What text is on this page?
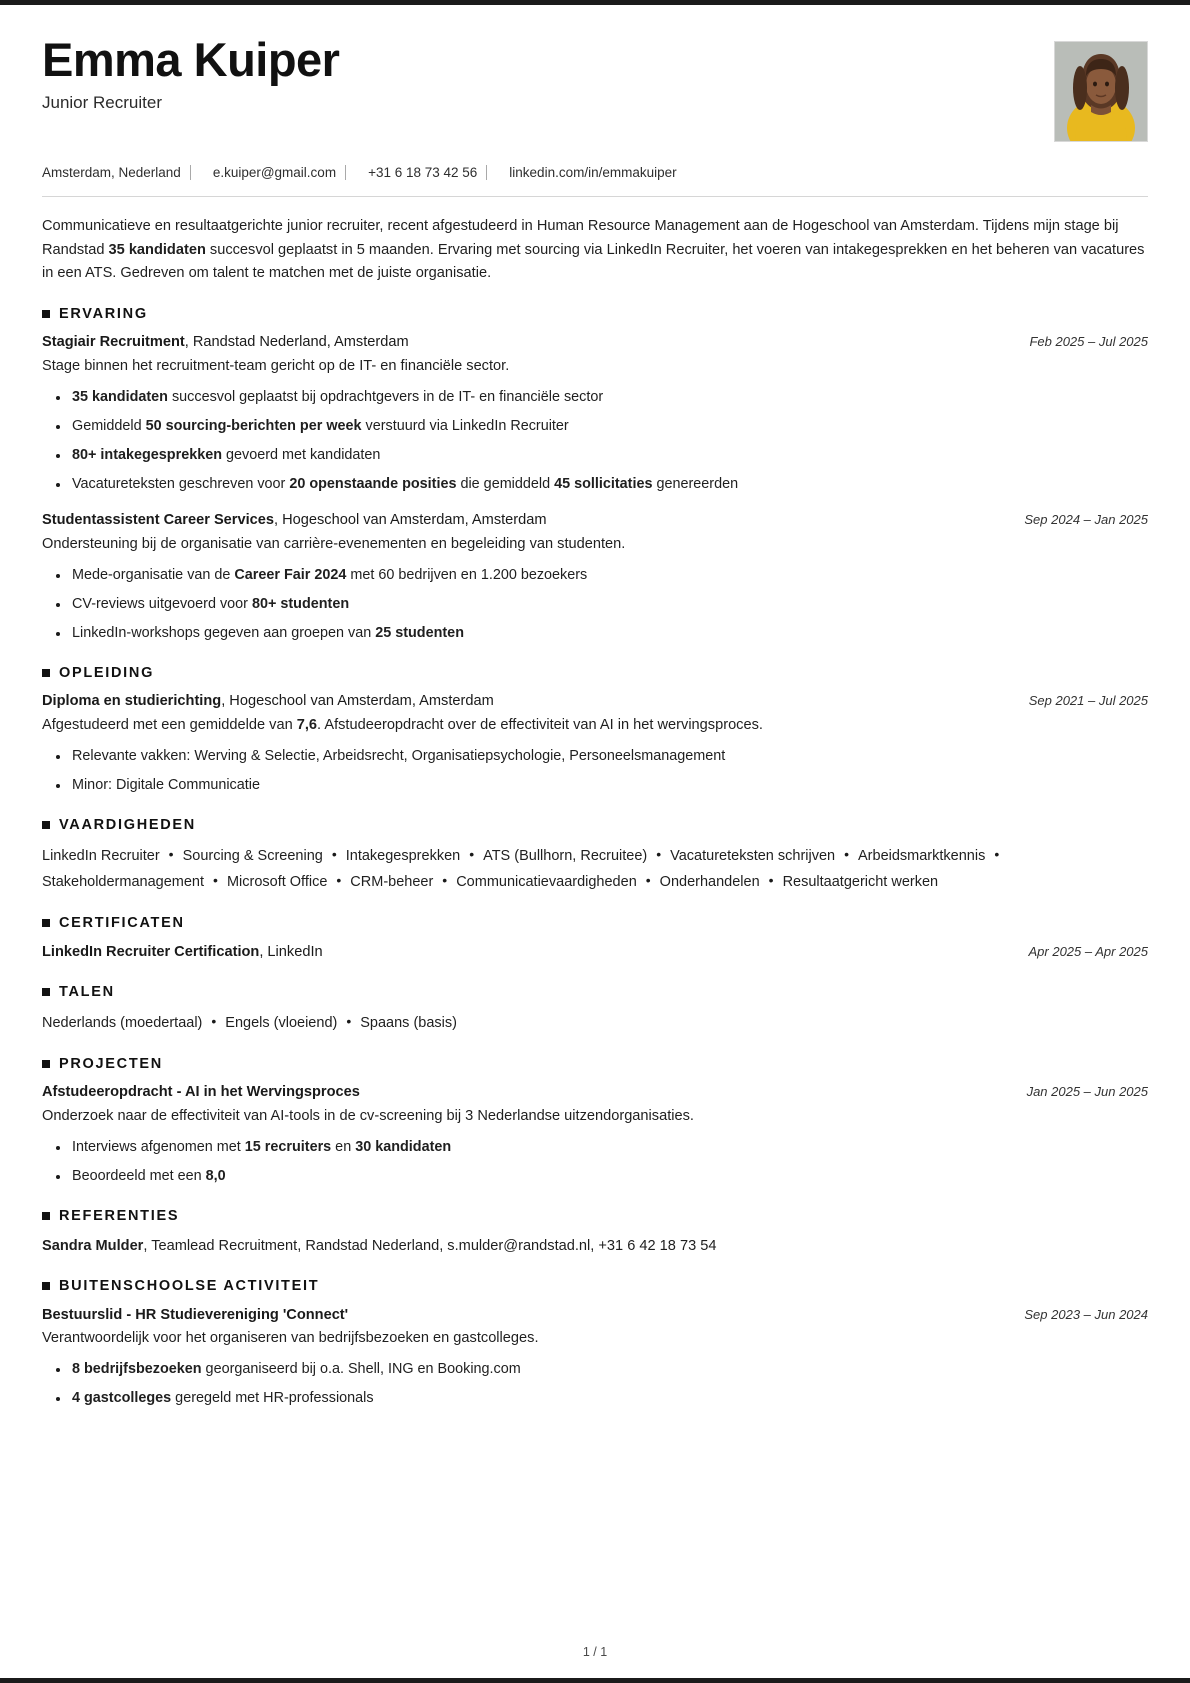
Emma Kuiper
Junior Recruiter
Amsterdam, Nederland e.kuiper@gmail.com +31 6 18 73 42 56 linkedin.com/in/emmakuiper

Communicatieve en resultaatgerichte junior recruiter, recent afgestudeerd in Human Resource Management aan de Hogeschool van Amsterdam. Tijdens mijn stage bij Randstad 35 kandidaten succesvol geplaatst in 5 maanden. Ervaring met sourcing via LinkedIn Recruiter, het voeren van intakegesprekken en het beheren van vacatures in een ATS. Gedreven om talent te matchen met de juiste organisatie.

ERVARING
Stagiair Recruitment, Randstad Nederland, Amsterdam	Feb 2025 – Jul 2025
Stage binnen het recruitment-team gericht op de IT- en financiële sector.
35 kandidaten succesvol geplaatst bij opdrachtgevers in de IT- en financiële sector
Gemiddeld 50 sourcing-berichten per week verstuurd via LinkedIn Recruiter
80+ intakegesprekken gevoerd met kandidaten
Vacatureteksten geschreven voor 20 openstaande posities die gemiddeld 45 sollicitaties genereerden
Studentassistent Career Services, Hogeschool van Amsterdam, Amsterdam	Sep 2024 – Jan 2025
Ondersteuning bij de organisatie van carrière-evenementen en begeleiding van studenten.
Mede-organisatie van de Career Fair 2024 met 60 bedrijven en 1.200 bezoekers
CV-reviews uitgevoerd voor 80+ studenten
LinkedIn-workshops gegeven aan groepen van 25 studenten
OPLEIDING
Diploma en studierichting, Hogeschool van Amsterdam, Amsterdam	Sep 2021 – Jul 2025
Afgestudeerd met een gemiddelde van 7,6. Afstudeeropdracht over de effectiviteit van AI in het wervingsproces.
Relevante vakken: Werving & Selectie, Arbeidsrecht, Organisatiepsychologie, Personeelsmanagement
Minor: Digitale Communicatie
VAARDIGHEDEN
LinkedIn Recruiter • Sourcing & Screening • Intakegesprekken • ATS (Bullhorn, Recruitee) • Vacatureteksten schrijven • Arbeidsmarktkennis •Stakeholdermanagement • Microsoft Office • CRM-beheer • Communicatievaardigheden • Onderhandelen • Resultaatgericht werken
CERTIFICATEN
LinkedIn Recruiter Certification, LinkedIn	Apr 2025 – Apr 2025
TALEN
Nederlands (moedertaal) • Engels (vloeiend) • Spaans (basis)
PROJECTEN
Afstudeeropdracht - AI in het Wervingsproces	Jan 2025 – Jun 2025
Onderzoek naar de effectiviteit van AI-tools in de cv-screening bij 3 Nederlandse uitzendorganisaties.
Interviews afgenomen met 15 recruiters en 30 kandidaten
Beoordeeld met een 8,0
REFERENTIES
Sandra Mulder, Teamlead Recruitment, Randstad Nederland, s.mulder@randstad.nl, +31 6 42 18 73 54
BUITENSCHOOLSE ACTIVITEIT
Bestuurslid - HR Studievereniging 'Connect'	Sep 2023 – Jun 2024
Verantwoordelijk voor het organiseren van bedrijfsbezoeken en gastcolleges.
8 bedrijfsbezoeken georganiseerd bij o.a. Shell, ING en Booking.com
4 gastcolleges geregeld met HR-professionals
1 / 1
